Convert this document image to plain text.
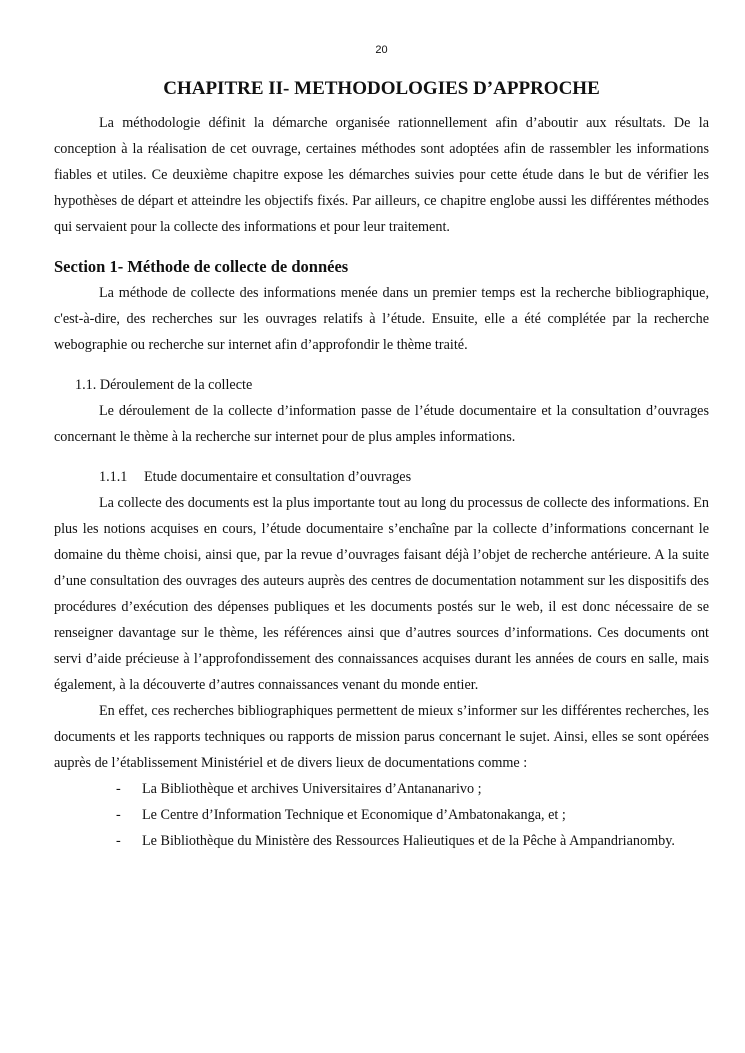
20
CHAPITRE II- METHODOLOGIES D’APPROCHE

La méthodologie définit la démarche organisée rationnellement afin d’aboutir aux résultats. De la conception à la réalisation de cet ouvrage, certaines méthodes sont adoptées afin de rassembler les informations fiables et utiles. Ce deuxième chapitre expose les démarches suivies pour cette étude dans le but de vérifier les hypothèses de départ et atteindre les objectifs fixés. Par ailleurs, ce chapitre englobe aussi les différentes méthodes qui servaient pour la collecte des informations et pour leur traitement.

Section 1- Méthode de collecte de données

La méthode de collecte des informations menée dans un premier temps est la recherche bibliographique, c'est-à-dire, des recherches sur les ouvrages relatifs à l’étude. Ensuite, elle a été complétée par la recherche webographie ou recherche sur internet afin d’approfondir le thème traité.

1.1. Déroulement de la collecte

Le déroulement de la collecte d’information passe de l’étude documentaire et la consultation d’ouvrages concernant le thème à la recherche sur internet pour de plus amples informations.

1.1.1 Etude documentaire et consultation d’ouvrages

La collecte des documents est la plus importante tout au long du processus de collecte des informations. En plus les notions acquises en cours, l’étude documentaire s’enchaîne par la collecte d’informations concernant le domaine du thème choisi, ainsi que, par la revue d’ouvrages faisant déjà l’objet de recherche antérieure. A la suite d’une consultation des ouvrages des auteurs auprès des centres de documentation notamment sur les dispositifs des procédures d’exécution des dépenses publiques et les documents postés sur le web, il est donc nécessaire de se renseigner davantage sur le thème, les références ainsi que d’autres sources d’informations. Ces documents ont servi d’aide précieuse à l’approfondissement des connaissances acquises durant les années de cours en salle, mais également, à la découverte d’autres connaissances venant du monde entier.

En effet, ces recherches bibliographiques permettent de mieux s’informer sur les différentes recherches, les documents et les rapports techniques ou rapports de mission parus concernant le sujet. Ainsi, elles se sont opérées auprès de l’établissement Ministériel et de divers lieux de documentations comme :

- La Bibliothèque et archives Universitaires d’Antananarivo ;
- Le Centre d’Information Technique et Economique d’Ambatonakanga, et ;
- Le Bibliothèque du Ministère des Ressources Halieutiques et de la Pêche à Ampandrianomby.
